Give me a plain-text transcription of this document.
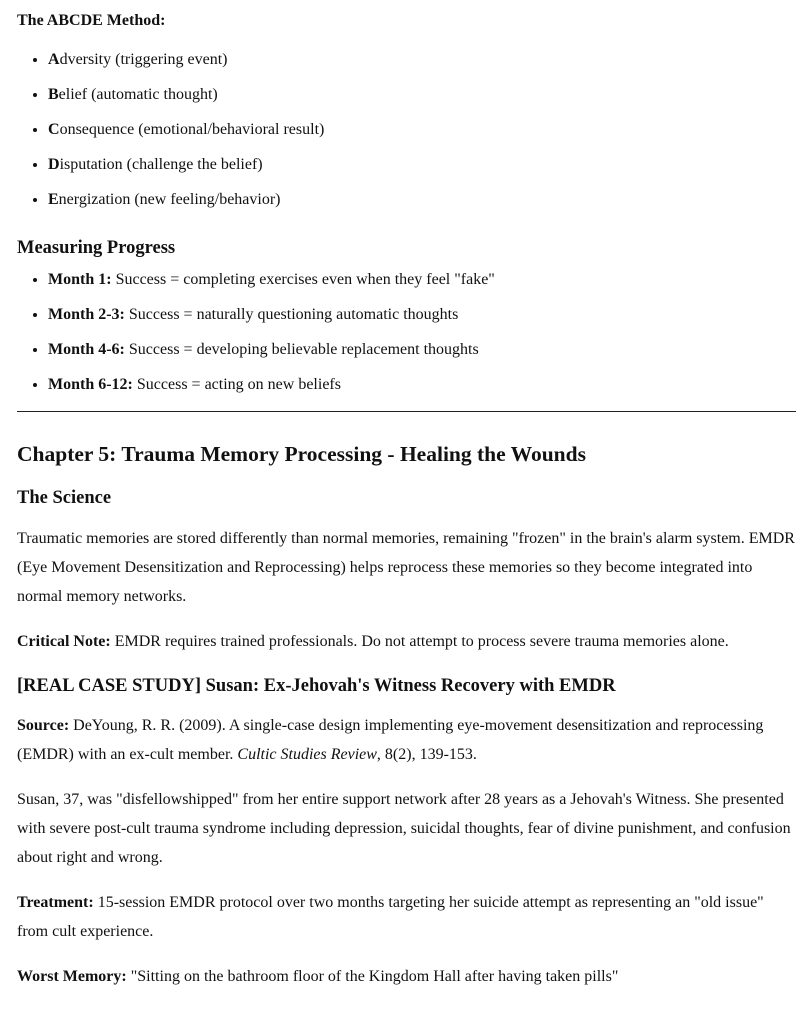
The ABCDE Method:

• Adversity (triggering event)
• Belief (automatic thought)
• Consequence (emotional/behavioral result)
• Disputation (challenge the belief)
• Energization (new feeling/behavior)
Measuring Progress
• Month 1: Success = completing exercises even when they feel "fake"
• Month 2-3: Success = naturally questioning automatic thoughts
• Month 4-6: Success = developing believable replacement thoughts
• Month 6-12: Success = acting on new beliefs
Chapter 5: Trauma Memory Processing - Healing the Wounds
The Science

Traumatic memories are stored differently than normal memories, remaining "frozen" in the brain's alarm system. EMDR (Eye Movement Desensitization and Reprocessing) helps reprocess these memories so they become integrated into normal memory networks.

Critical Note: EMDR requires trained professionals. Do not attempt to process severe trauma memories alone.

[REAL CASE STUDY] Susan: Ex-Jehovah's Witness Recovery with EMDR

Source: DeYoung, R. R. (2009). A single-case design implementing eye-movement desensitization and reprocessing (EMDR) with an ex-cult member. Cultic Studies Review, 8(2), 139-153.

Susan, 37, was "disfellowshipped" from her entire support network after 28 years as a Jehovah's Witness. She presented with severe post-cult trauma syndrome including depression, suicidal thoughts, fear of divine punishment, and confusion about right and wrong.

Treatment: 15-session EMDR protocol over two months targeting her suicide attempt as representing an "old issue" from cult experience.

Worst Memory: "Sitting on the bathroom floor of the Kingdom Hall after having taken pills"
